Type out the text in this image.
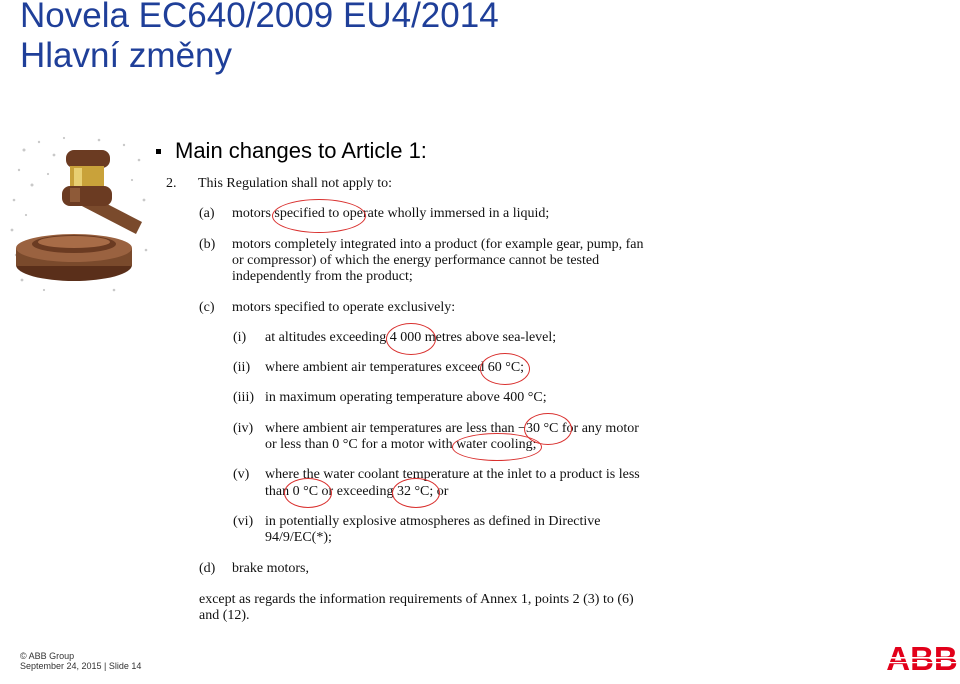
Novela EC640/2009 EU4/2014
Hlavní změny
Main changes to Article 1:
2. This Regulation shall not apply to:
(a) motors specified to operate wholly immersed in a liquid;
(b) motors completely integrated into a product (for example gear, pump, fan
or compressor) of which the energy performance cannot be tested
independently from the product;
(c) motors specified to operate exclusively:
(i) at altitudes exceeding 4 000 metres above sea-level;
(ii) where ambient air temperatures exceed 60 °C;
(iii) in maximum operating temperature above 400 °C;
(iv) where ambient air temperatures are less than −30 °C for any motor
or less than 0 °C for a motor with water cooling;
(v) where the water coolant temperature at the inlet to a product is less
than 0 °C or exceeding 32 °C; or
(vi) in potentially explosive atmospheres as defined in Directive
94/9/EC(*);
(d) brake motors,
except as regards the information requirements of Annex 1, points 2 (3) to (6)
and (12).
© ABB Group
September 24, 2015 | Slide 14
